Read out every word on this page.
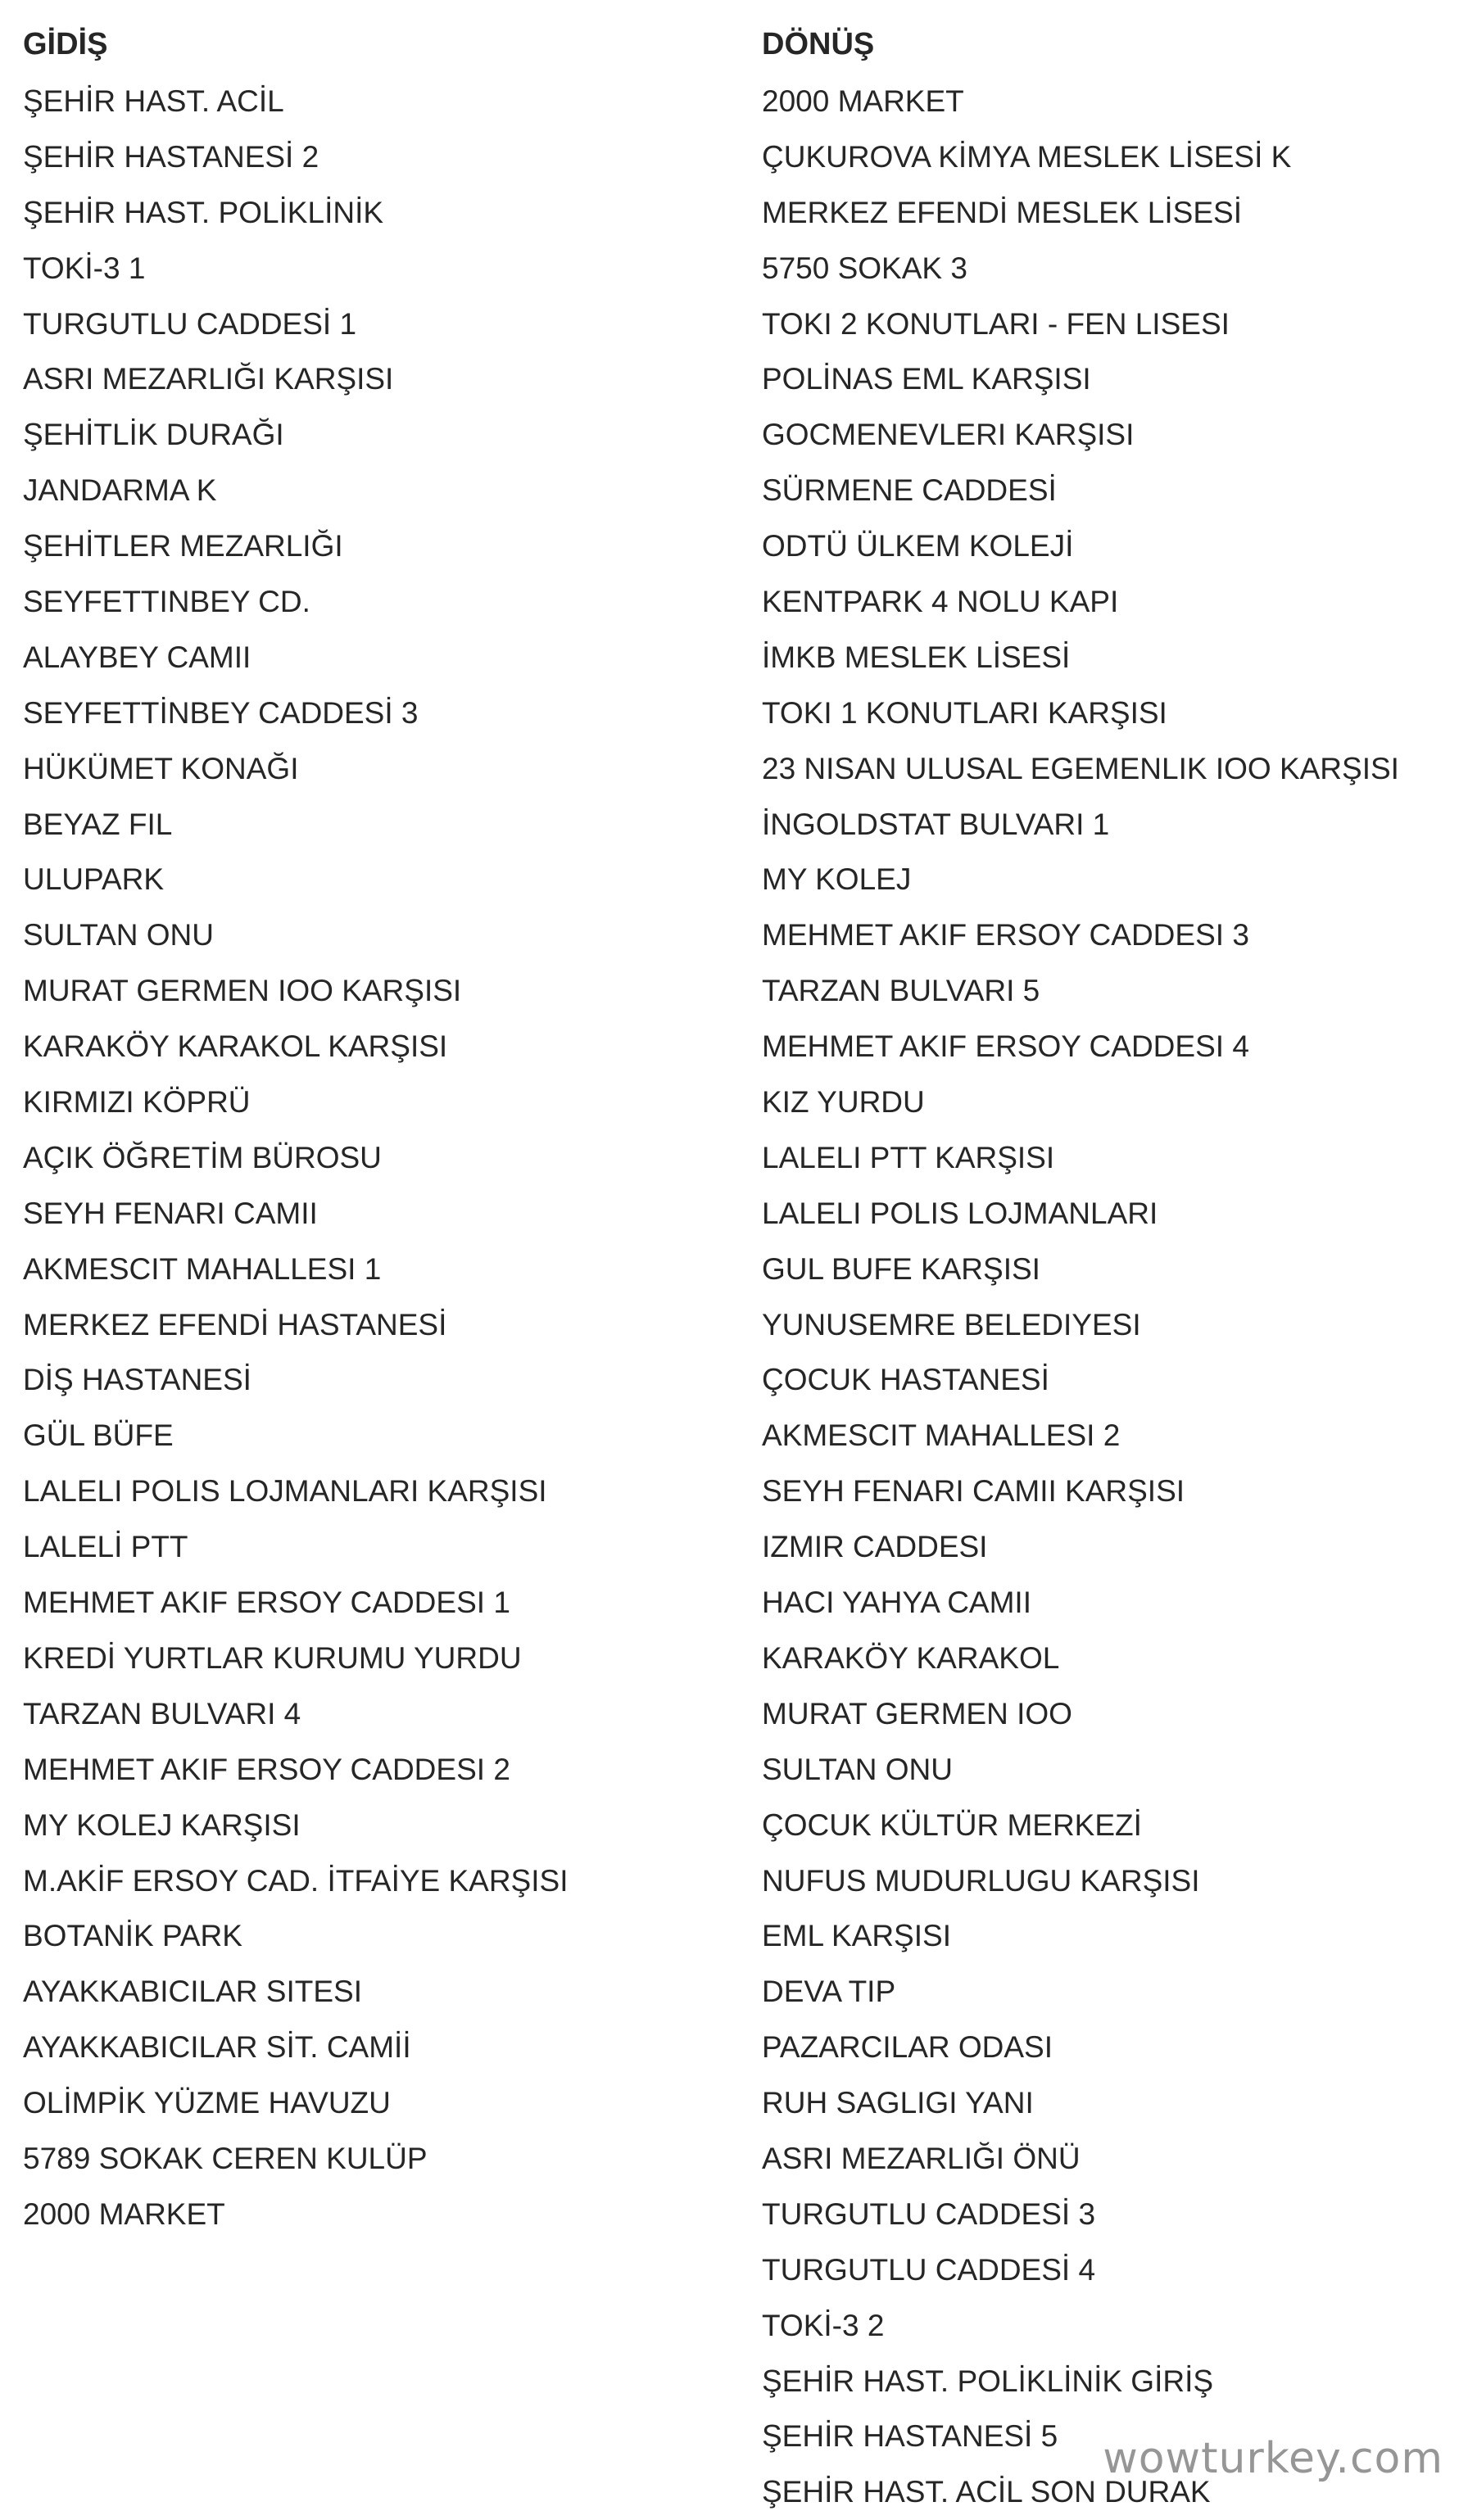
GİDİŞ
ŞEHİR HAST. ACİL
ŞEHİR HASTANESİ 2
ŞEHİR HAST. POLİKLİNİK
TOKİ-3 1
TURGUTLU CADDESİ 1
ASRI MEZARLIĞI KARŞISI
ŞEHİTLİK DURAĞI
JANDARMA K
ŞEHİTLER MEZARLIĞI
SEYFETTINBEY CD.
ALAYBEY CAMII
SEYFETTİNBEY CADDESİ 3
HÜKÜMET KONAĞI
BEYAZ FIL
ULUPARK
SULTAN ONU
MURAT GERMEN IOO KARŞISI
KARAKÖY KARAKOL KARŞISI
KIRMIZI KÖPRÜ
AÇIK ÖĞRETİM BÜROSU
SEYH FENARI CAMII
AKMESCIT MAHALLESI 1
MERKEZ EFENDİ HASTANESİ
DİŞ HASTANESİ
GÜL BÜFE
LALELI POLIS LOJMANLARI KARŞISI
LALELİ PTT
MEHMET AKIF ERSOY CADDESI 1
KREDİ YURTLAR KURUMU YURDU
TARZAN BULVARI 4
MEHMET AKIF ERSOY CADDESI 2
MY KOLEJ KARŞISI
M.AKİF ERSOY CAD. İTFAİYE KARŞISI
BOTANİK PARK
AYAKKABICILAR SITESI
AYAKKABICILAR SİT. CAMİİ
OLİMPİK YÜZME HAVUZU
5789 SOKAK CEREN KULÜP
2000 MARKET
DÖNÜŞ
2000 MARKET
ÇUKUROVA KİMYA MESLEK LİSESİ K
MERKEZ EFENDİ MESLEK LİSESİ
5750 SOKAK 3
TOKI 2 KONUTLARI - FEN LISESI
POLİNAS EML KARŞISI
GOCMENEVLERI KARŞISI
SÜRMENE CADDESİ
ODTÜ ÜLKEM KOLEJİ
KENTPARK 4 NOLU KAPI
İMKB MESLEK LİSESİ
TOKI 1 KONUTLARI KARŞISI
23 NISAN ULUSAL EGEMENLIK IOO KARŞISI
İNGOLDSTAT BULVARI 1
MY KOLEJ
MEHMET AKIF ERSOY CADDESI 3
TARZAN BULVARI 5
MEHMET AKIF ERSOY CADDESI 4
KIZ YURDU
LALELI PTT KARŞISI
LALELI POLIS LOJMANLARI
GUL BUFE KARŞISI
YUNUSEMRE BELEDIYESI
ÇOCUK HASTANESİ
AKMESCIT MAHALLESI 2
SEYH FENARI CAMII KARŞISI
IZMIR CADDESI
HACI YAHYA CAMII
KARAKÖY KARAKOL
MURAT GERMEN IOO
SULTAN ONU
ÇOCUK KÜLTÜR MERKEZİ
NUFUS MUDURLUGU KARŞISI
EML KARŞISI
DEVA TIP
PAZARCILAR ODASI
RUH SAGLIGI YANI
ASRI MEZARLIĞI ÖNÜ
TURGUTLU CADDESİ 3
TURGUTLU CADDESİ 4
TOKİ-3 2
ŞEHİR HAST. POLİKLİNİK GİRİŞ
ŞEHİR HASTANESİ 5
ŞEHİR HAST. ACİL SON DURAK
wowturkey.com
